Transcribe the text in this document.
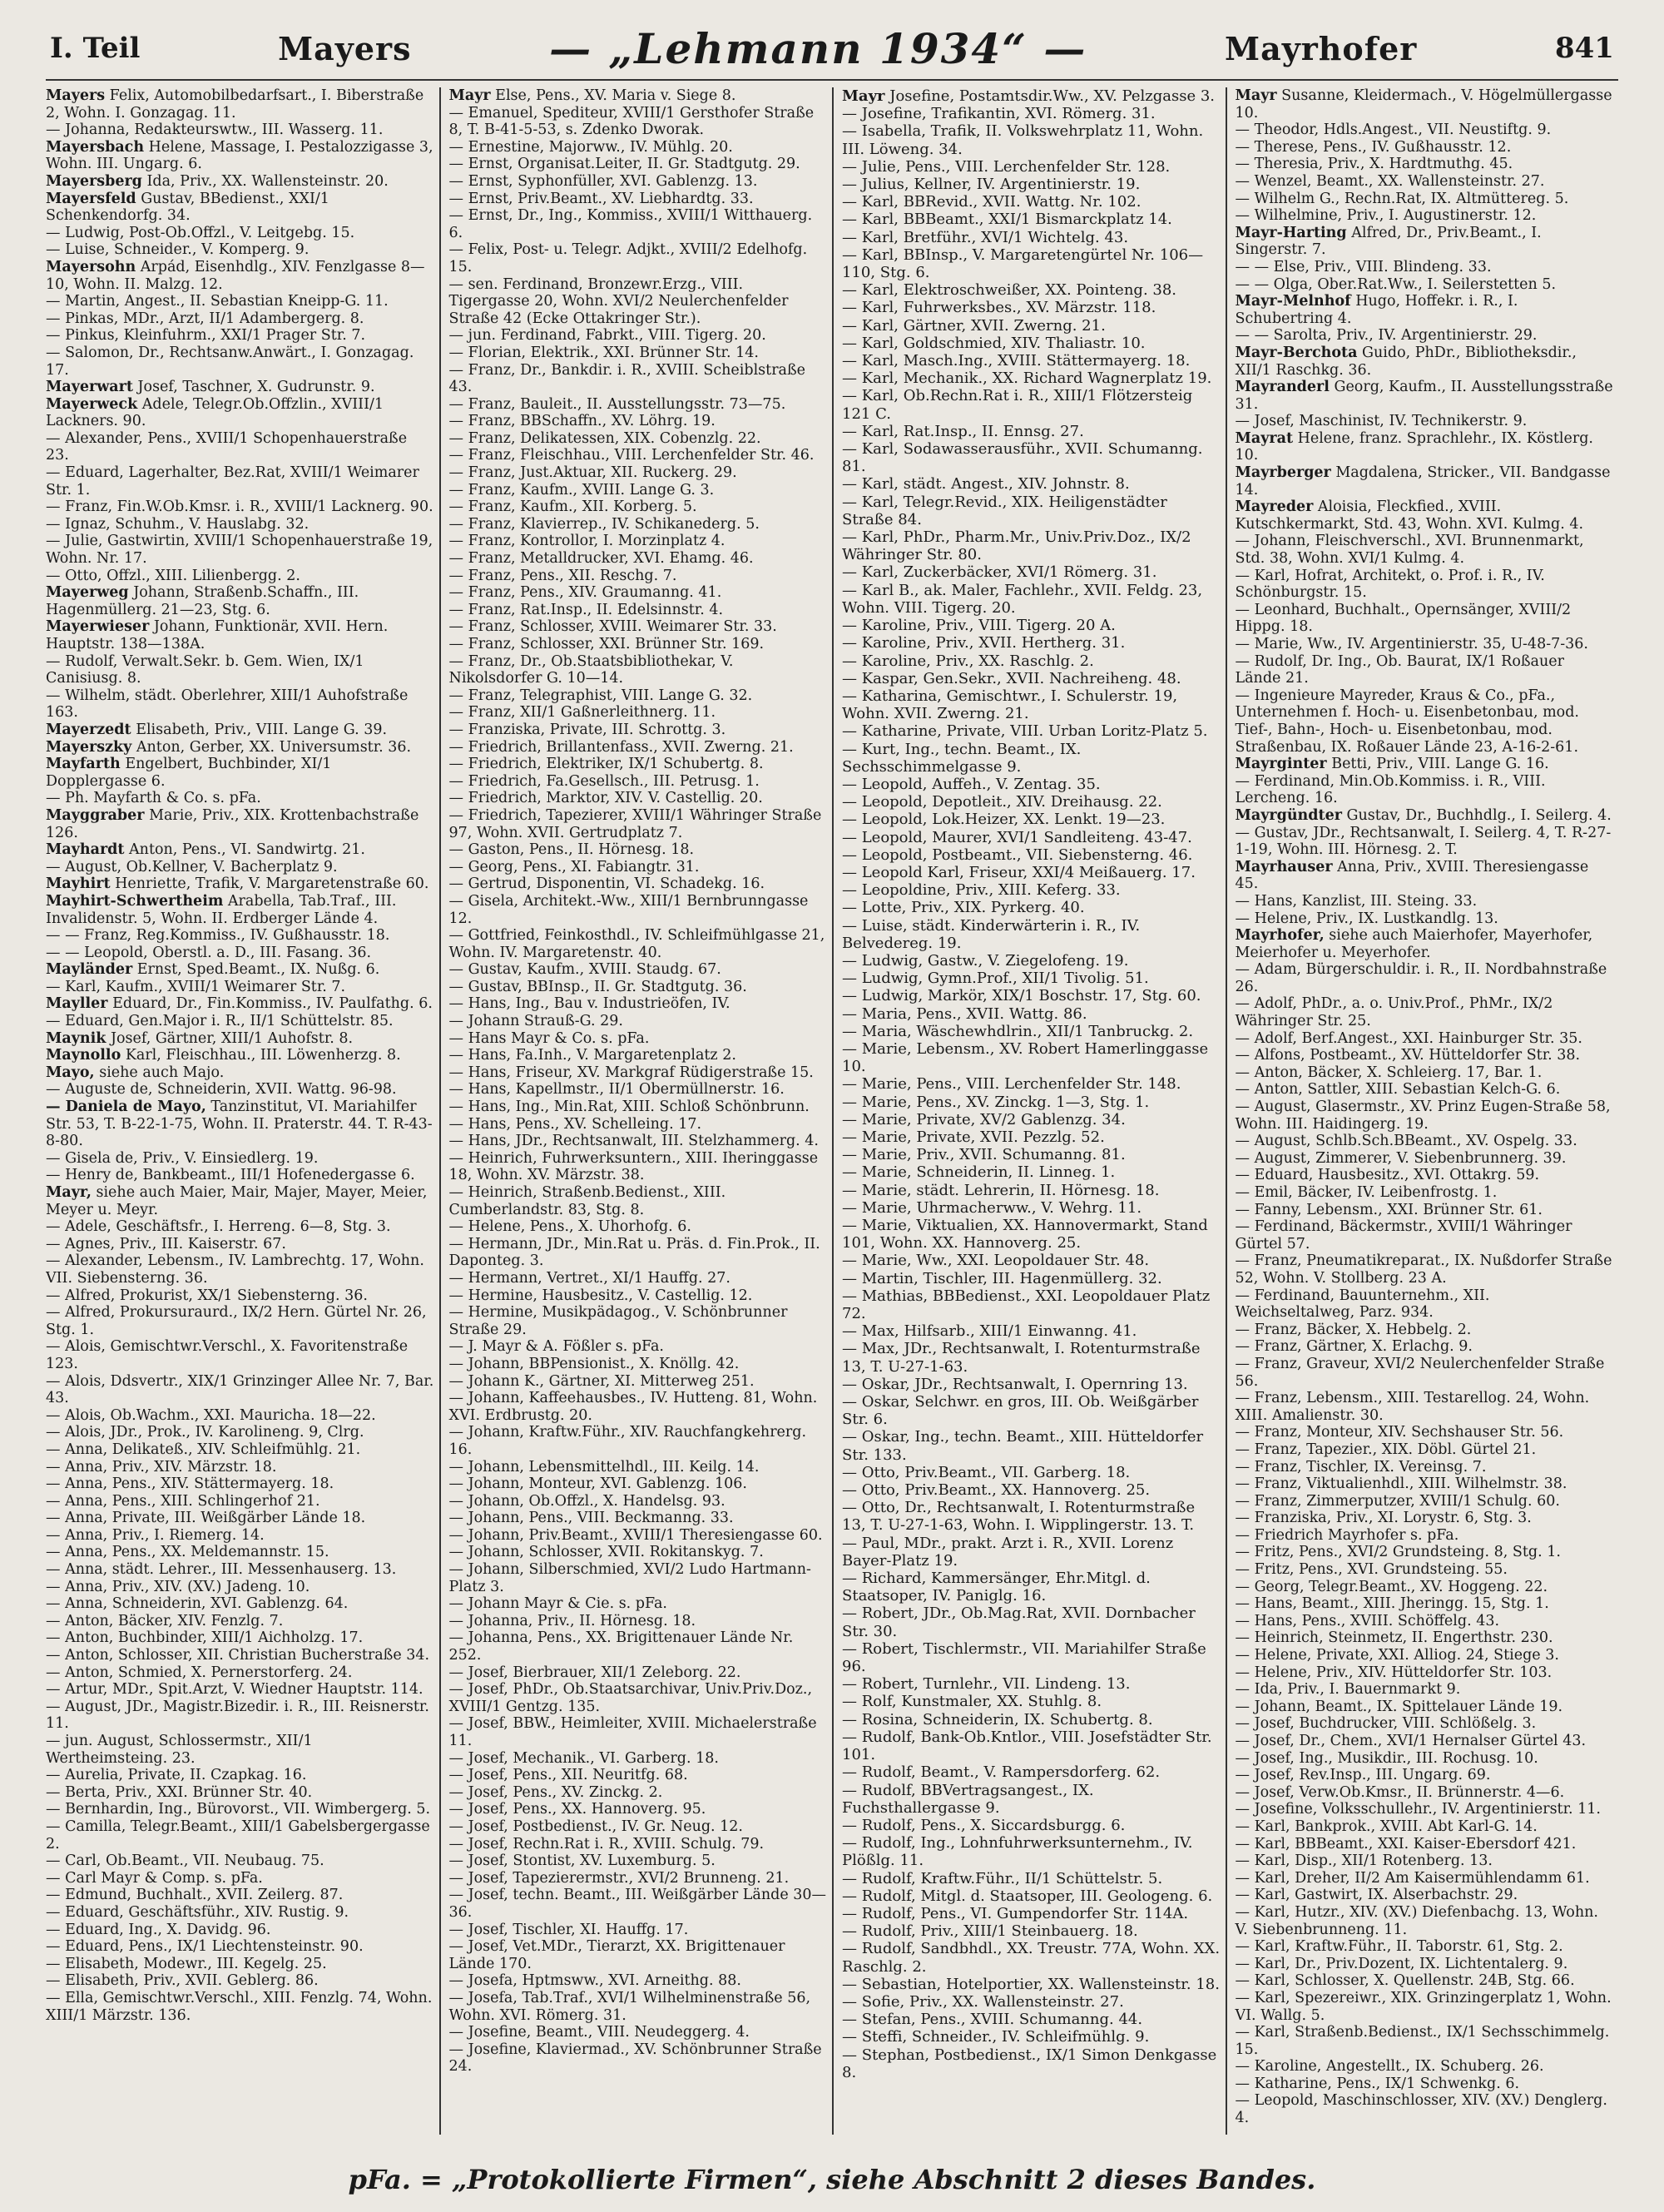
I. Teil	Mayers	— „Lehmann 1934“ —	Mayrhofer	841

Mayers Felix, Automobilbedarfsart., I. Biberstraße 2, Wohn. I. Gonzagag. 11.

— Johanna, Redakteurswtw., III. Wasserg. 11.

Mayersbach Helene, Massage, I. Pestalozzigasse 3, Wohn. III. Ungarg. 6.

Mayersberg Ida, Priv., XX. Wallensteinstr. 20.

Mayersfeld Gustav, BBedienst., XXI/1 Schenkendorfg. 34.

— Ludwig, Post-Ob.Offzl., V. Leitgebg. 15.

— Luise, Schneider., V. Komperg. 9.

Mayersohn Arpád, Eisenhdlg., XIV. Fenzlgasse 8—10, Wohn. II. Malzg. 12.

— Martin, Angest., II. Sebastian Kneipp-G. 11.

— Pinkas, MDr., Arzt, II/1 Adambergerg. 8.

— Pinkus, Kleinfuhrm., XXI/1 Prager Str. 7.

— Salomon, Dr., Rechtsanw.Anwärt., I. Gonzagag. 17.

Mayerwart Josef, Taschner, X. Gudrunstr. 9.

Mayerweck Adele, Telegr.Ob.Offzlin., XVIII/1 Lackners. 90.

— Alexander, Pens., XVIII/1 Schopenhauerstraße 23.

— Eduard, Lagerhalter, Bez.Rat, XVIII/1 Weimarer Str. 1.

— Franz, Fin.W.Ob.Kmsr. i. R., XVIII/1 Lacknerg. 90.

— Ignaz, Schuhm., V. Hauslabg. 32.

— Julie, Gastwirtin, XVIII/1 Schopenhauerstraße 19, Wohn. Nr. 17.

— Otto, Offzl., XIII. Lilienbergg. 2.

Mayerweg Johann, Straßenb.Schaffn., III. Hagenmüllerg. 21—23, Stg. 6.

Mayerwieser Johann, Funktionär, XVII. Hern. Hauptstr. 138—138A.

— Rudolf, Verwalt.Sekr. b. Gem. Wien, IX/1 Canisiusg. 8.

— Wilhelm, städt. Oberlehrer, XIII/1 Auhofstraße 163.

Mayerzedt Elisabeth, Priv., VIII. Lange G. 39.

Mayerszky Anton, Gerber, XX. Universumstr. 36.

Mayfarth Engelbert, Buchbinder, XI/1 Dopplergasse 6.

— Ph. Mayfarth & Co. s. pFa.

Mayggraber Marie, Priv., XIX. Krottenbachstraße 126.

Mayhardt Anton, Pens., VI. Sandwirtg. 21.

— August, Ob.Kellner, V. Bacherplatz 9.

Mayhirt Henriette, Trafik, V. Margaretenstraße 60.

Mayhirt-Schwertheim Arabella, Tab.Traf., III. Invalidenstr. 5, Wohn. II. Erdberger Lände 4.

— — Franz, Reg.Kommiss., IV. Gußhausstr. 18.

— — Leopold, Oberstl. a. D., III. Fasang. 36.

Mayländer Ernst, Sped.Beamt., IX. Nußg. 6.

— Karl, Kaufm., XVIII/1 Weimarer Str. 7.

Mayller Eduard, Dr., Fin.Kommiss., IV. Paulfathg. 6.

— Eduard, Gen.Major i. R., II/1 Schüttelstr. 85.

Maynik Josef, Gärtner, XIII/1 Auhofstr. 8.

Maynollo Karl, Fleischhau., III. Löwenherzg. 8.

Mayo, siehe auch Majo.

— Auguste de, Schneiderin, XVII. Wattg. 96-98.

— Daniela de Mayo, Tanzinstitut, VI. Mariahilfer Str. 53, T. B-22-1-75, Wohn. II. Praterstr. 44. T. R-43-8-80.

— Gisela de, Priv., V. Einsiedlerg. 19.

— Henry de, Bankbeamt., III/1 Hofenedergasse 6.

Mayr, siehe auch Maier, Mair, Majer, Mayer, Meier, Meyer u. Meyr.

— Adele, Geschäftsfr., I. Herreng. 6—8, Stg. 3.

— Agnes, Priv., III. Kaiserstr. 67.

— Alexander, Lebensm., IV. Lambrechtg. 17, Wohn. VII. Siebensterng. 36.

— Alfred, Prokurist, XX/1 Siebensterng. 36.

— Alfred, Prokursuraurd., IX/2 Hern. Gürtel Nr. 26, Stg. 1.

— Alois, Gemischtwr.Verschl., X. Favoritenstraße 123.

— Alois, Ddsvertr., XIX/1 Grinzinger Allee Nr. 7, Bar. 43.

— Alois, Ob.Wachm., XXI. Mauricha. 18—22.

— Alois, JDr., Prok., IV. Karolineng. 9, Clrg.

— Anna, Delikateß., XIV. Schleifmühlg. 21.

— Anna, Priv., XIV. Märzstr. 18.

— Anna, Pens., XIV. Stättermayerg. 18.

— Anna, Pens., XIII. Schlingerhof 21.

— Anna, Private, III. Weißgärber Lände 18.

— Anna, Priv., I. Riemerg. 14.

— Anna, Pens., XX. Meldemannstr. 15.

— Anna, städt. Lehrer., III. Messenhauserg. 13.

— Anna, Priv., XIV. (XV.) Jadeng. 10.

— Anna, Schneiderin, XVI. Gablenzg. 64.

— Anton, Bäcker, XIV. Fenzlg. 7.

— Anton, Buchbinder, XIII/1 Aichholzg. 17.

— Anton, Schlosser, XII. Christian Bucherstraße 34.

— Anton, Schmied, X. Pernerstorferg. 24.

— Artur, MDr., Spit.Arzt, V. Wiedner Hauptstr. 114.

— August, JDr., Magistr.Bizedir. i. R., III. Reisnerstr. 11.

— jun. August, Schlossermstr., XII/1 Wertheimsteing. 23.

— Aurelia, Private, II. Czapkag. 16.

— Berta, Priv., XXI. Brünner Str. 40.

— Bernhardin, Ing., Bürovorst., VII. Wimbergerg. 5.

— Camilla, Telegr.Beamt., XIII/1 Gabelsbergergasse 2.

— Carl, Ob.Beamt., VII. Neubaug. 75.

— Carl Mayr & Comp. s. pFa.

— Edmund, Buchhalt., XVII. Zeilerg. 87.

— Eduard, Geschäftsführ., XIV. Rustig. 9.

— Eduard, Ing., X. Davidg. 96.

— Eduard, Pens., IX/1 Liechtensteinstr. 90.

— Elisabeth, Modewr., III. Kegelg. 25.

— Elisabeth, Priv., XVII. Geblerg. 86.

— Ella, Gemischtwr.Verschl., XIII. Fenzlg. 74, Wohn. XIII/1 Märzstr. 136.

Mayr Else, Pens., XV. Maria v. Siege 8.

— Emanuel, Spediteur, XVIII/1 Gersthofer Straße 8, T. B-41-5-53, s. Zdenko Dworak.

— Ernestine, Majorww., IV. Mühlg. 20.

— Ernst, Organisat.Leiter, II. Gr. Stadtgutg. 29.

— Ernst, Syphonfüller, XVI. Gablenzg. 13.

— Ernst, Priv.Beamt., XV. Liebhardtg. 33.

— Ernst, Dr., Ing., Kommiss., XVIII/1 Witthauerg. 6.

— Felix, Post- u. Telegr. Adjkt., XVIII/2 Edelhofg. 15.

— sen. Ferdinand, Bronzewr.Erzg., VIII. Tigergasse 20, Wohn. XVI/2 Neulerchenfelder Straße 42 (Ecke Ottakringer Str.).

— jun. Ferdinand, Fabrkt., VIII. Tigerg. 20.

— Florian, Elektrik., XXI. Brünner Str. 14.

— Franz, Dr., Bankdir. i. R., XVIII. Scheiblstraße 43.

— Franz, Bauleit., II. Ausstellungsstr. 73—75.

— Franz, BBSchaffn., XV. Löhrg. 19.

— Franz, Delikatessen, XIX. Cobenzlg. 22.

— Franz, Fleischhau., VIII. Lerchenfelder Str. 46.

— Franz, Just.Aktuar, XII. Ruckerg. 29.

— Franz, Kaufm., XVIII. Lange G. 3.

— Franz, Kaufm., XII. Korberg. 5.

— Franz, Klavierrep., IV. Schikanederg. 5.

— Franz, Kontrollor, I. Morzinplatz 4.

— Franz, Metalldrucker, XVI. Ehamg. 46.

— Franz, Pens., XII. Reschg. 7.

— Franz, Pens., XIV. Graumanng. 41.

— Franz, Rat.Insp., II. Edelsinnstr. 4.

— Franz, Schlosser, XVIII. Weimarer Str. 33.

— Franz, Schlosser, XXI. Brünner Str. 169.

— Franz, Dr., Ob.Staatsbibliothekar, V. Nikolsdorfer G. 10—14.

— Franz, Telegraphist, VIII. Lange G. 32.

— Franz, XII/1 Gaßnerleithnerg. 11.

— Franziska, Private, III. Schrottg. 3.

— Friedrich, Brillantenfass., XVII. Zwerng. 21.

— Friedrich, Elektriker, IX/1 Schubertg. 8.

— Friedrich, Fa.Gesellsch., III. Petrusg. 1.

— Friedrich, Marktor, XIV. V. Castellig. 20.

— Friedrich, Tapezierer, XVIII/1 Währinger Straße 97, Wohn. XVII. Gertrudplatz 7.

— Gaston, Pens., II. Hörnesg. 18.

— Georg, Pens., XI. Fabiangtr. 31.

— Gertrud, Disponentin, VI. Schadekg. 16.

— Gisela, Architekt.-Ww., XIII/1 Bernbrunngasse 12.

— Gottfried, Feinkosthdl., IV. Schleifmühlgasse 21, Wohn. IV. Margaretenstr. 40.

— Gustav, Kaufm., XVIII. Staudg. 67.

— Gustav, BBInsp., II. Gr. Stadtgutg. 36.

— Hans, Ing., Bau v. Industrieöfen, IV.

— Johann Strauß-G. 29.

— Hans Mayr & Co. s. pFa.

— Hans, Fa.Inh., V. Margaretenplatz 2.

— Hans, Friseur, XV. Markgraf Rüdigerstraße 15.

— Hans, Kapellmstr., II/1 Obermüllnerstr. 16.

— Hans, Ing., Min.Rat, XIII. Schloß Schönbrunn.

— Hans, Pens., XV. Schelleing. 17.

— Hans, JDr., Rechtsanwalt, III. Stelzhammerg. 4.

— Heinrich, Fuhrwerksuntern., XIII. Iheringgasse 18, Wohn. XV. Märzstr. 38.

— Heinrich, Straßenb.Bedienst., XIII. Cumberlandstr. 83, Stg. 8.

— Helene, Pens., X. Uhorhofg. 6.

— Hermann, JDr., Min.Rat u. Präs. d. Fin.Prok., II. Daponteg. 3.

— Hermann, Vertret., XI/1 Hauffg. 27.

— Hermine, Hausbesitz., V. Castellig. 12.

— Hermine, Musikpädagog., V. Schönbrunner Straße 29.

— J. Mayr & A. Fößler s. pFa.

— Johann, BBPensionist., X. Knöllg. 42.

— Johann K., Gärtner, XI. Mitterweg 251.

— Johann, Kaffeehausbes., IV. Hutteng. 81, Wohn. XVI. Erdbrustg. 20.

— Johann, Kraftw.Führ., XIV. Rauchfangkehrerg. 16.

— Johann, Lebensmittelhdl., III. Keilg. 14.

— Johann, Monteur, XVI. Gablenzg. 106.

— Johann, Ob.Offzl., X. Handelsg. 93.

— Johann, Pens., VIII. Beckmanng. 33.

— Johann, Priv.Beamt., XVIII/1 Theresiengasse 60.

— Johann, Schlosser, XVII. Rokitanskyg. 7.

— Johann, Silberschmied, XVI/2 Ludo Hartmann-Platz 3.

— Johann Mayr & Cie. s. pFa.

— Johanna, Priv., II. Hörnesg. 18.

— Johanna, Pens., XX. Brigittenauer Lände Nr. 252.

— Josef, Bierbrauer, XII/1 Zeleborg. 22.

— Josef, PhDr., Ob.Staatsarchivar, Univ.Priv.Doz., XVIII/1 Gentzg. 135.

— Josef, BBW., Heimleiter, XVIII. Michaelerstraße 11.

— Josef, Mechanik., VI. Garberg. 18.

— Josef, Pens., XII. Neuritfg. 68.

— Josef, Pens., XV. Zinckg. 2.

— Josef, Pens., XX. Hannoverg. 95.

— Josef, Postbedienst., IV. Gr. Neug. 12.

— Josef, Rechn.Rat i. R., XVIII. Schulg. 79.

— Josef, Stontist, XV. Luxemburg. 5.

— Josef, Tapezierermstr., XVI/2 Brunneng. 21.

— Josef, techn. Beamt., III. Weißgärber Lände 30—36.

— Josef, Tischler, XI. Hauffg. 17.

— Josef, Vet.MDr., Tierarzt, XX. Brigittenauer Lände 170.

— Josefa, Hptmsww., XVI. Arneithg. 88.

— Josefa, Tab.Traf., XVI/1 Wilhelminenstraße 56, Wohn. XVI. Römerg. 31.

— Josefine, Beamt., VIII. Neudeggerg. 4.

— Josefine, Klaviermad., XV. Schönbrunner Straße 24.

Mayr Josefine, Postamtsdir.Ww., XV. Pelzgasse 3.

— Josefine, Trafikantin, XVI. Römerg. 31.

— Isabella, Trafik, II. Volkswehrplatz 11, Wohn. III. Löweng. 34.

— Julie, Pens., VIII. Lerchenfelder Str. 128.

— Julius, Kellner, IV. Argentinierstr. 19.

— Karl, BBRevid., XVII. Wattg. Nr. 102.

— Karl, BBBeamt., XXI/1 Bismarckplatz 14.

— Karl, Bretführ., XVI/1 Wichtelg. 43.

— Karl, BBInsp., V. Margaretengürtel Nr. 106—110, Stg. 6.

— Karl, Elektroschweißer, XX. Pointeng. 38.

— Karl, Fuhrwerksbes., XV. Märzstr. 118.

— Karl, Gärtner, XVII. Zwerng. 21.

— Karl, Goldschmied, XIV. Thaliastr. 10.

— Karl, Masch.Ing., XVIII. Stättermayerg. 18.

— Karl, Mechanik., XX. Richard Wagnerplatz 19.

— Karl, Ob.Rechn.Rat i. R., XIII/1 Flötzersteig 121 C.

— Karl, Rat.Insp., II. Ennsg. 27.

— Karl, Sodawasserausführ., XVII. Schumanng. 81.

— Karl, städt. Angest., XIV. Johnstr. 8.

— Karl, Telegr.Revid., XIX. Heiligenstädter Straße 84.

— Karl, PhDr., Pharm.Mr., Univ.Priv.Doz., IX/2 Währinger Str. 80.

— Karl, Zuckerbäcker, XVI/1 Römerg. 31.

— Karl B., ak. Maler, Fachlehr., XVII. Feldg. 23, Wohn. VIII. Tigerg. 20.

— Karoline, Priv., VIII. Tigerg. 20 A.

— Karoline, Priv., XVII. Hertherg. 31.

— Karoline, Priv., XX. Raschlg. 2.

— Kaspar, Gen.Sekr., XVII. Nachreiheng. 48.

— Katharina, Gemischtwr., I. Schulerstr. 19, Wohn. XVII. Zwerng. 21.

— Katharine, Private, VIII. Urban Loritz-Platz 5.

— Kurt, Ing., techn. Beamt., IX. Sechsschimmelgasse 9.

— Leopold, Auffeh., V. Zentag. 35.

— Leopold, Depotleit., XIV. Dreihausg. 22.

— Leopold, Lok.Heizer, XX. Lenkt. 19—23.

— Leopold, Maurer, XVI/1 Sandleiteng. 43-47.

— Leopold, Postbeamt., VII. Siebensterng. 46.

— Leopold Karl, Friseur, XXI/4 Meißauerg. 17.

— Leopoldine, Priv., XIII. Keferg. 33.

— Lotte, Priv., XIX. Pyrkerg. 40.

— Luise, städt. Kinderwärterin i. R., IV. Belvedereg. 19.

— Ludwig, Gastw., V. Ziegelofeng. 19.

— Ludwig, Gymn.Prof., XII/1 Tivolig. 51.

— Ludwig, Markör, XIX/1 Boschstr. 17, Stg. 60.

— Maria, Pens., XVII. Wattg. 86.

— Maria, Wäschewhdlrin., XII/1 Tanbruckg. 2.

— Marie, Lebensm., XV. Robert Hamerlinggasse 10.

— Marie, Pens., VIII. Lerchenfelder Str. 148.

— Marie, Pens., XV. Zinckg. 1—3, Stg. 1.

— Marie, Private, XV/2 Gablenzg. 34.

— Marie, Private, XVII. Pezzlg. 52.

— Marie, Priv., XVII. Schumanng. 81.

— Marie, Schneiderin, II. Linneg. 1.

— Marie, städt. Lehrerin, II. Hörnesg. 18.

— Marie, Uhrmacherww., V. Wehrg. 11.

— Marie, Viktualien, XX. Hannovermarkt, Stand 101, Wohn. XX. Hannoverg. 25.

— Marie, Ww., XXI. Leopoldauer Str. 48.

— Martin, Tischler, III. Hagenmüllerg. 32.

— Mathias, BBBedienst., XXI. Leopoldauer Platz 72.

— Max, Hilfsarb., XIII/1 Einwanng. 41.

— Max, JDr., Rechtsanwalt, I. Rotenturmstraße 13, T. U-27-1-63.

— Oskar, JDr., Rechtsanwalt, I. Opernring 13.

— Oskar, Selchwr. en gros, III. Ob. Weißgärber Str. 6.

— Oskar, Ing., techn. Beamt., XIII. Hütteldorfer Str. 133.

— Otto, Priv.Beamt., VII. Garberg. 18.

— Otto, Priv.Beamt., XX. Hannoverg. 25.

— Otto, Dr., Rechtsanwalt, I. Rotenturmstraße 13, T. U-27-1-63, Wohn. I. Wipplingerstr. 13. T.

— Paul, MDr., prakt. Arzt i. R., XVII. Lorenz Bayer-Platz 19.

— Richard, Kammersänger, Ehr.Mitgl. d. Staatsoper, IV. Paniglg. 16.

— Robert, JDr., Ob.Mag.Rat, XVII. Dornbacher Str. 30.

— Robert, Tischlermstr., VII. Mariahilfer Straße 96.

— Robert, Turnlehr., VII. Lindeng. 13.

— Rolf, Kunstmaler, XX. Stuhlg. 8.

— Rosina, Schneiderin, IX. Schubertg. 8.

— Rudolf, Bank-Ob.Kntlor., VIII. Josefstädter Str. 101.

— Rudolf, Beamt., V. Rampersdorferg. 62.

— Rudolf, BBVertragsangest., IX. Fuchsthallergasse 9.

— Rudolf, Pens., X. Siccardsburgg. 6.

— Rudolf, Ing., Lohnfuhrwerksunternehm., IV. Plößlg. 11.

— Rudolf, Kraftw.Führ., II/1 Schüttelstr. 5.

— Rudolf, Mitgl. d. Staatsoper, III. Geologeng. 6.

— Rudolf, Pens., VI. Gumpendorfer Str. 114A.

— Rudolf, Priv., XIII/1 Steinbauerg. 18.

— Rudolf, Sandbhdl., XX. Treustr. 77A, Wohn. XX. Raschlg. 2.

— Sebastian, Hotelportier, XX. Wallensteinstr. 18.

— Sofie, Priv., XX. Wallensteinstr. 27.

— Stefan, Pens., XVIII. Schumanng. 44.

— Steffi, Schneider., IV. Schleifmühlg. 9.

— Stephan, Postbedienst., IX/1 Simon Denkgasse 8.

Mayr Susanne, Kleidermach., V. Högelmüllergasse 10.

— Theodor, Hdls.Angest., VII. Neustiftg. 9.

— Therese, Pens., IV. Gußhausstr. 12.

— Theresia, Priv., X. Hardtmuthg. 45.

— Wenzel, Beamt., XX. Wallensteinstr. 27.

— Wilhelm G., Rechn.Rat, IX. Altmüttereg. 5.

— Wilhelmine, Priv., I. Augustinerstr. 12.

Mayr-Harting Alfred, Dr., Priv.Beamt., I. Singerstr. 7.

— — Else, Priv., VIII. Blindeng. 33.

— — Olga, Ober.Rat.Ww., I. Seilerstetten 5.

Mayr-Melnhof Hugo, Hoffekr. i. R., I. Schubertring 4.

— — Sarolta, Priv., IV. Argentinierstr. 29.

Mayr-Berchota Guido, PhDr., Bibliotheksdir., XII/1 Raschkg. 36.

Mayranderl Georg, Kaufm., II. Ausstellungsstraße 31.

— Josef, Maschinist, IV. Technikerstr. 9.

Mayrat Helene, franz. Sprachlehr., IX. Köstlerg. 10.

Mayrberger Magdalena, Stricker., VII. Bandgasse 14.

Mayreder Aloisia, Fleckfied., XVIII. Kutschkermarkt, Std. 43, Wohn. XVI. Kulmg. 4.

— Johann, Fleischverschl., XVI. Brunnenmarkt, Std. 38, Wohn. XVI/1 Kulmg. 4.

— Karl, Hofrat, Architekt, o. Prof. i. R., IV. Schönburgstr. 15.

— Leonhard, Buchhalt., Opernsänger, XVIII/2 Hippg. 18.

— Marie, Ww., IV. Argentinierstr. 35, U-48-7-36.

— Rudolf, Dr. Ing., Ob. Baurat, IX/1 Roßauer Lände 21.

— Ingenieure Mayreder, Kraus & Co., pFa., Unternehmen f. Hoch- u. Eisenbetonbau, mod. Tief-, Bahn-, Hoch- u. Eisenbetonbau, mod. Straßenbau, IX. Roßauer Lände 23, A-16-2-61.

Mayrginter Betti, Priv., VIII. Lange G. 16.

— Ferdinand, Min.Ob.Kommiss. i. R., VIII. Lercheng. 16.

Mayrgündter Gustav, Dr., Buchhdlg., I. Seilerg. 4.

— Gustav, JDr., Rechtsanwalt, I. Seilerg. 4, T. R-27-1-19, Wohn. III. Hörnesg. 2. T.

Mayrhauser Anna, Priv., XVIII. Theresiengasse 45.

— Hans, Kanzlist, III. Steing. 33.

— Helene, Priv., IX. Lustkandlg. 13.

Mayrhofer, siehe auch Maierhofer, Mayerhofer, Meierhofer u. Meyerhofer.

— Adam, Bürgerschuldir. i. R., II. Nordbahnstraße 26.

— Adolf, PhDr., a. o. Univ.Prof., PhMr., IX/2 Währinger Str. 25.

— Adolf, Berf.Angest., XXI. Hainburger Str. 35.

— Alfons, Postbeamt., XV. Hütteldorfer Str. 38.

— Anton, Bäcker, X. Schleierg. 17, Bar. 1.

— Anton, Sattler, XIII. Sebastian Kelch-G. 6.

— August, Glasermstr., XV. Prinz Eugen-Straße 58, Wohn. III. Haidingerg. 19.

— August, Schlb.Sch.BBeamt., XV. Ospelg. 33.

— August, Zimmerer, V. Siebenbrunnerg. 39.

— Eduard, Hausbesitz., XVI. Ottakrg. 59.

— Emil, Bäcker, IV. Leibenfrostg. 1.

— Fanny, Lebensm., XXI. Brünner Str. 61.

— Ferdinand, Bäckermstr., XVIII/1 Währinger Gürtel 57.

— Franz, Pneumatikreparat., IX. Nußdorfer Straße 52, Wohn. V. Stollberg. 23 A.

— Ferdinand, Bauunternehm., XII. Weichseltalweg, Parz. 934.

— Franz, Bäcker, X. Hebbelg. 2.

— Franz, Gärtner, X. Erlachg. 9.

— Franz, Graveur, XVI/2 Neulerchenfelder Straße 56.

— Franz, Lebensm., XIII. Testarellog. 24, Wohn. XIII. Amalienstr. 30.

— Franz, Monteur, XIV. Sechshauser Str. 56.

— Franz, Tapezier., XIX. Döbl. Gürtel 21.

— Franz, Tischler, IX. Vereinsg. 7.

— Franz, Viktualienhdl., XIII. Wilhelmstr. 38.

— Franz, Zimmerputzer, XVIII/1 Schulg. 60.

— Franziska, Priv., XI. Lorystr. 6, Stg. 3.

— Friedrich Mayrhofer s. pFa.

— Fritz, Pens., XVI/2 Grundsteing. 8, Stg. 1.

— Fritz, Pens., XVI. Grundsteing. 55.

— Georg, Telegr.Beamt., XV. Hoggeng. 22.

— Hans, Beamt., XIII. Jheringg. 15, Stg. 1.

— Hans, Pens., XVIII. Schöffelg. 43.

— Heinrich, Steinmetz, II. Engerthstr. 230.

— Helene, Private, XXI. Alliog. 24, Stiege 3.

— Helene, Priv., XIV. Hütteldorfer Str. 103.

— Ida, Priv., I. Bauernmarkt 9.

— Johann, Beamt., IX. Spittelauer Lände 19.

— Josef, Buchdrucker, VIII. Schlößelg. 3.

— Josef, Dr., Chem., XVI/1 Hernalser Gürtel 43.

— Josef, Ing., Musikdir., III. Rochusg. 10.

— Josef, Rev.Insp., III. Ungarg. 69.

— Josef, Verw.Ob.Kmsr., II. Brünnerstr. 4—6.

— Josefine, Volksschullehr., IV. Argentinierstr. 11.

— Karl, Bankprok., XVIII. Abt Karl-G. 14.

— Karl, BBBeamt., XXI. Kaiser-Ebersdorf 421.

— Karl, Disp., XII/1 Rotenberg. 13.

— Karl, Dreher, II/2 Am Kaisermühlendamm 61.

— Karl, Gastwirt, IX. Alserbachstr. 29.

— Karl, Hutzr., XIV. (XV.) Diefenbachg. 13, Wohn. V. Siebenbrunneng. 11.

— Karl, Kraftw.Führ., II. Taborstr. 61, Stg. 2.

— Karl, Dr., Priv.Dozent, IX. Lichtentalerg. 9.

— Karl, Schlosser, X. Quellenstr. 24B, Stg. 66.

— Karl, Spezereiwr., XIX. Grinzingerplatz 1, Wohn. VI. Wallg. 5.

— Karl, Straßenb.Bedienst., IX/1 Sechsschimmelg. 15.

— Karoline, Angestellt., IX. Schuberg. 26.

— Katharine, Pens., IX/1 Schwenkg. 6.

— Leopold, Maschinschlosser, XIV. (XV.) Denglerg. 4.

pFa. = „Protokollierte Firmen“, siehe Abschnitt 2 dieses Bandes.
